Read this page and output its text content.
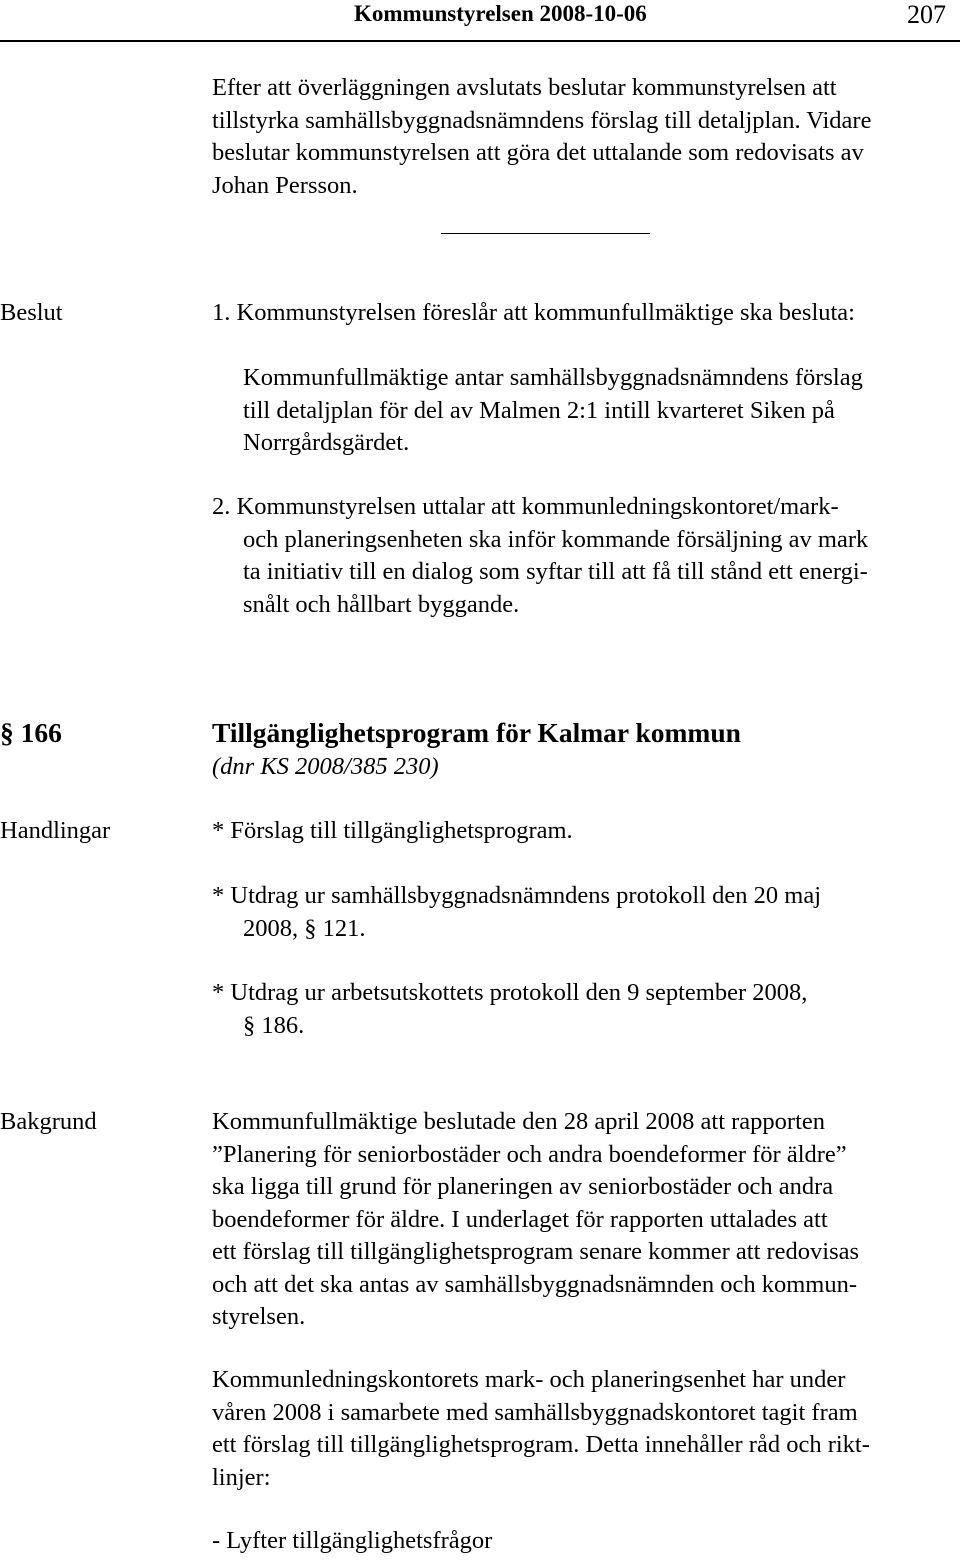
Kommunstyrelsen 2008-10-06	207
Efter att överläggningen avslutats beslutar kommunstyrelsen att
tillstyrka samhällsbyggnadsnämndens förslag till detaljplan. Vidare
beslutar kommunstyrelsen att göra det uttalande som redovisats av
Johan Persson.
Beslut	1. Kommunstyrelsen föreslår att kommunfullmäktige ska besluta:
Kommunfullmäktige antar samhällsbyggnadsnämndens förslag
till detaljplan för del av Malmen 2:1 intill kvarteret Siken på
Norrgårdsgärdet.
2. Kommunstyrelsen uttalar att kommunledningskontoret/mark-
och planeringsenheten ska inför kommande försäljning av mark
ta initiativ till en dialog som syftar till att få till stånd ett energi-
snålt och hållbart byggande.
§ 166	Tillgänglighetsprogram för Kalmar kommun
(dnr KS 2008/385 230)
Handlingar	* Förslag till tillgänglighetsprogram.
* Utdrag ur samhällsbyggnadsnämndens protokoll den 20 maj
2008, § 121.
* Utdrag ur arbetsutskottets protokoll den 9 september 2008,
§ 186.
Bakgrund	Kommunfullmäktige beslutade den 28 april 2008 att rapporten
”Planering för seniorbostäder och andra boendeformer för äldre”
ska ligga till grund för planeringen av seniorbostäder och andra
boendeformer för äldre. I underlaget för rapporten uttalades att
ett förslag till tillgänglighetsprogram senare kommer att redovisas
och att det ska antas av samhällsbyggnadsnämnden och kommun-
styrelsen.
Kommunledningskontorets mark- och planeringsenhet har under
våren 2008 i samarbete med samhällsbyggnadskontoret tagit fram
ett förslag till tillgänglighetsprogram. Detta innehåller råd och rikt-
linjer:
- Lyfter tillgänglighetsfrågor
